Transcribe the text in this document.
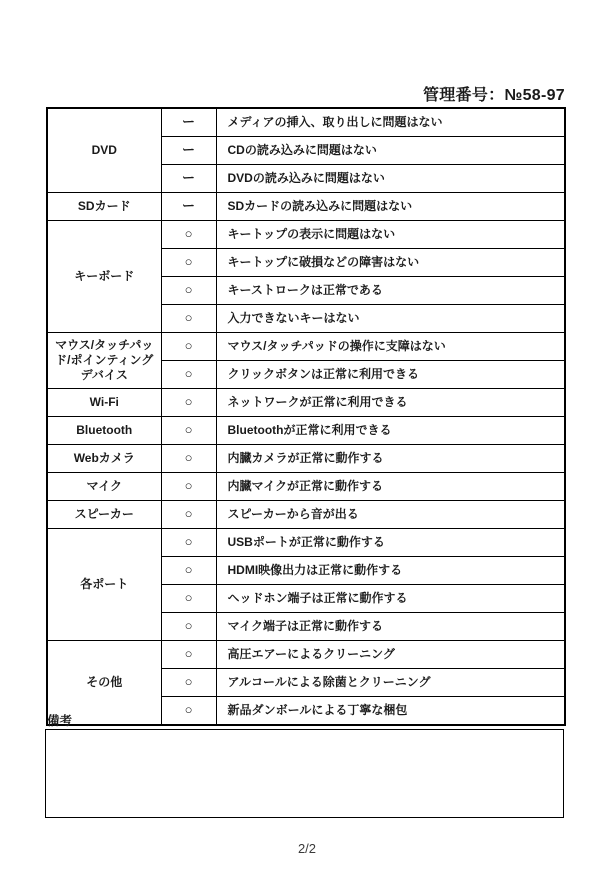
管理番号：№58-97
DVD	ー	メディアの挿入、取り出しに問題はない
	ー	CDの読み込みに問題はない
	ー	DVDの読み込みに問題はない
SDカード	ー	SDカードの読み込みに問題はない
キーボード	○	キートップの表示に問題はない
	○	キートップに破損などの障害はない
	○	キーストロークは正常である
	○	入力できないキーはない
マウス/タッチパッド/ポインティングデバイス	○	マウス/タッチパッドの操作に支障はない
	○	クリックボタンは正常に利用できる
Wi-Fi	○	ネットワークが正常に利用できる
Bluetooth	○	Bluetoothが正常に利用できる
Webカメラ	○	内臓カメラが正常に動作する
マイク	○	内臓マイクが正常に動作する
スピーカー	○	スピーカーから音が出る
各ポート	○	USBポートが正常に動作する
	○	HDMI映像出力は正常に動作する
	○	ヘッドホン端子は正常に動作する
	○	マイク端子は正常に動作する
その他	○	高圧エアーによるクリーニング
	○	アルコールによる除菌とクリーニング
	○	新品ダンボールによる丁寧な梱包
備考
2/2
